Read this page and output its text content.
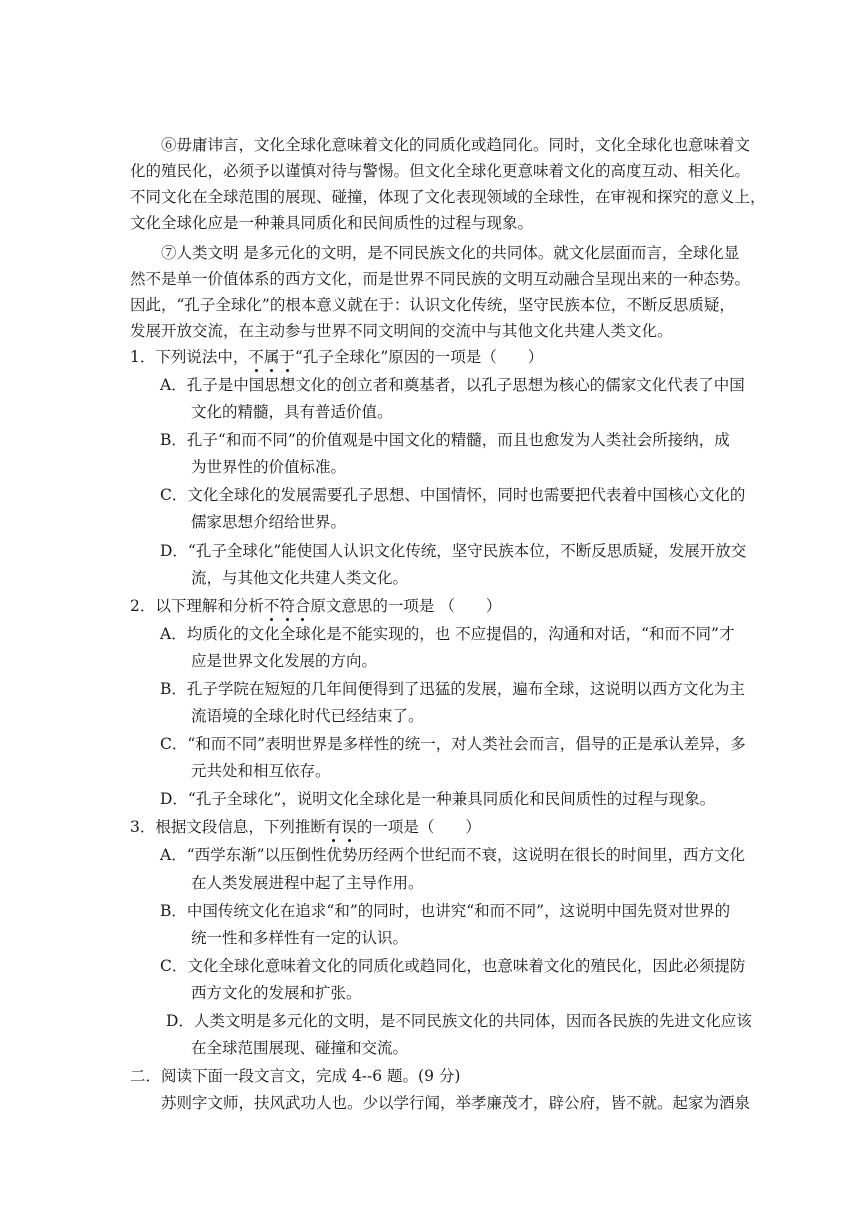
⑥毋庸讳言，文化全球化意味着文化的同质化或趋同化。同时，文化全球化也意味着文
化的殖民化，必须予以谨慎对待与警惕。但文化全球化更意味着文化的高度互动、相关化。
不同文化在全球范围的展现、碰撞，体现了文化表现领域的全球性，在审视和探究的意义上，
文化全球化应是一种兼具同质化和民间质性的过程与现象。
⑦人类文明 是多元化的文明，是不同民族文化的共同体。就文化层面而言，全球化显
然不是单一价值体系的西方文化，而是世界不同民族的文明互动融合呈现出来的一种态势。
因此，“孔子全球化”的根本意义就在于：认识文化传统，坚守民族本位，不断反思质疑，
发展开放交流，在主动参与世界不同文明间的交流中与其他文化共建人类文化。
1．下列说法中，不属于“孔子全球化”原因的一项是（　　）
A．孔子是中国思想文化的创立者和奠基者，以孔子思想为核心的儒家文化代表了中国
文化的精髓，具有普适价值。
B．孔子“和而不同”的价值观是中国文化的精髓，而且也愈发为人类社会所接纳，成
为世界性的价值标准。
C．文化全球化的发展需要孔子思想、中国情怀，同时也需要把代表着中国核心文化的
儒家思想介绍给世界。
D．“孔子全球化”能使国人认识文化传统，坚守民族本位，不断反思质疑，发展开放交
流，与其他文化共建人类文化。
2．以下理解和分析不符合原文意思的一项是 （　　）
A．均质化的文化全球化是不能实现的，也 不应提倡的，沟通和对话，“和而不同”才
应是世界文化发展的方向。
B．孔子学院在短短的几年间便得到了迅猛的发展，遍布全球，这说明以西方文化为主
流语境的全球化时代已经结束了。
C．“和而不同”表明世界是多样性的统一，对人类社会而言，倡导的正是承认差异，多
元共处和相互依存。
D．“孔子全球化”，说明文化全球化是一种兼具同质化和民间质性的过程与现象。
3．根据文段信息，下列推断有误的一项是（　　）
A．“西学东渐”以压倒性优势历经两个世纪而不衰，这说明在很长的时间里，西方文化
在人类发展进程中起了主导作用。
B．中国传统文化在追求“和”的同时，也讲究“和而不同”，这说明中国先贤对世界的
统一性和多样性有一定的认识。
C．文化全球化意味着文化的同质化或趋同化，也意味着文化的殖民化，因此必须提防
西方文化的发展和扩张。
D．人类文明是多元化的文明，是不同民族文化的共同体，因而各民族的先进文化应该
在全球范围展现、碰撞和交流。
二．阅读下面一段文言文，完成 4--6 题。(9 分)
苏则字文师，扶风武功人也。少以学行闻，举孝廉茂才，辟公府，皆不就。起家为酒泉
